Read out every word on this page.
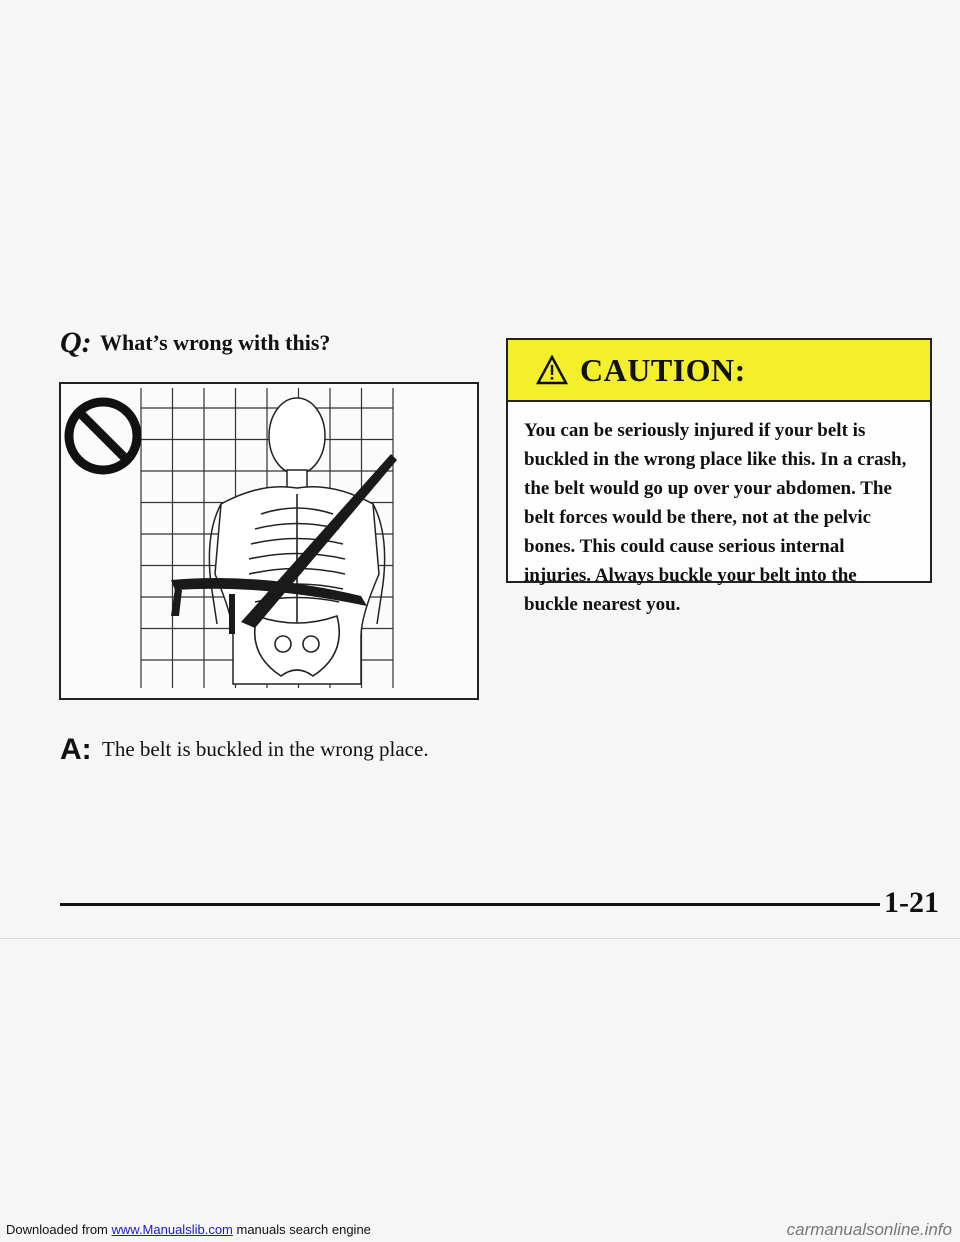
Q: What’s wrong with this?
A: The belt is buckled in the wrong place.
CAUTION:
You can be seriously injured if your belt is buckled in the wrong place like this. In a crash, the belt would go up over your abdomen. The belt forces would be there, not at the pelvic bones. This could cause serious internal injuries. Always buckle your belt into the buckle nearest you.
1-21
Downloaded from www.Manualslib.com manuals search engine	carmanualsonline.info
